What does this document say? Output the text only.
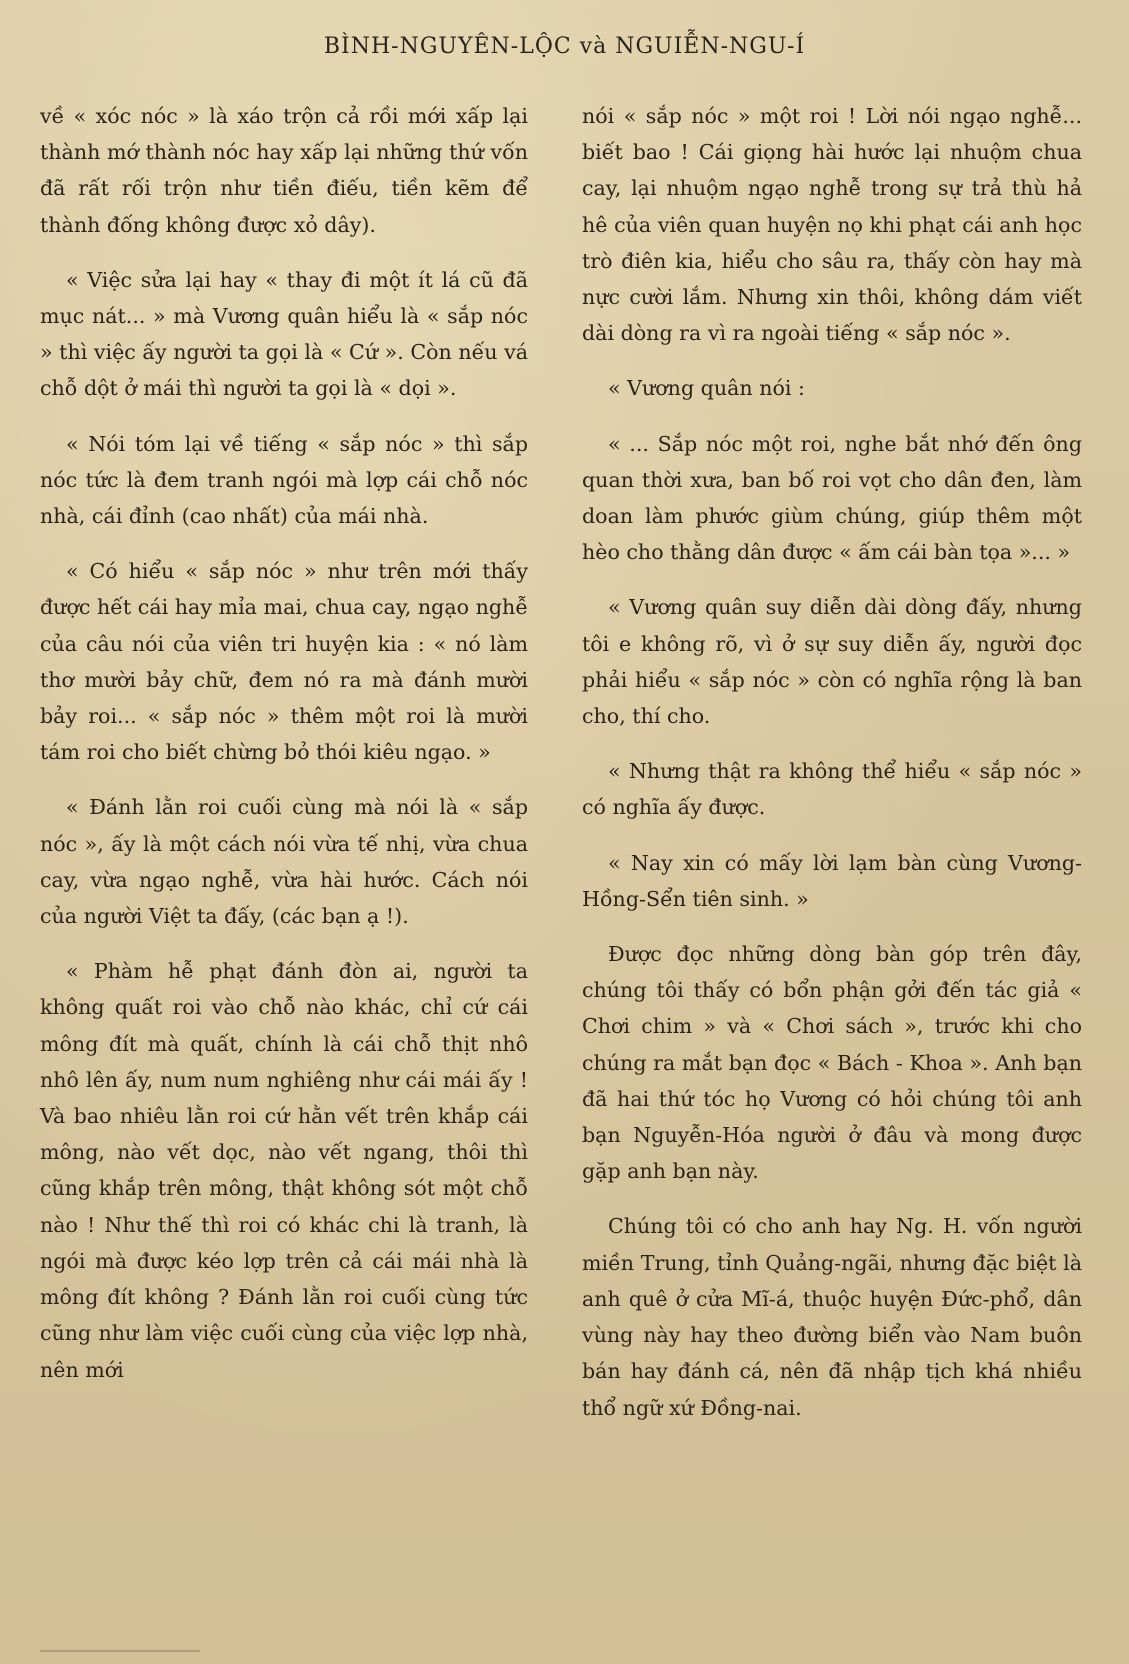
BÌNH-NGUYÊN-LỘC và NGUIỄN-NGU-Í

về « xóc nóc » là xáo trộn cả rồi mới xấp lại thành mớ thành nóc hay xấp lại những thứ vốn đã rất rối trộn như tiền điếu, tiền kẽm để thành đống không được xỏ dây).

« Việc sửa lại hay « thay đi một ít lá cũ đã mục nát... » mà Vương quân hiểu là « sắp nóc » thì việc ấy người ta gọi là « Cứ ». Còn nếu vá chỗ dột ở mái thì người ta gọi là « dọi ».

« Nói tóm lại về tiếng « sắp nóc » thì sắp nóc tức là đem tranh ngói mà lợp cái chỗ nóc nhà, cái đỉnh (cao nhất) của mái nhà.

« Có hiểu « sắp nóc » như trên mới thấy được hết cái hay mỉa mai, chua cay, ngạo nghễ của câu nói của viên tri huyện kia : « nó làm thơ mười bảy chữ, đem nó ra mà đánh mười bảy roi... « sắp nóc » thêm một roi là mười tám roi cho biết chừng bỏ thói kiêu ngạo. »

« Đánh lằn roi cuối cùng mà nói là « sắp nóc », ấy là một cách nói vừa tế nhị, vừa chua cay, vừa ngạo nghễ, vừa hài hước. Cách nói của người Việt ta đấy, (các bạn ạ !).

« Phàm hễ phạt đánh đòn ai, người ta không quất roi vào chỗ nào khác, chỉ cứ cái mông đít mà quất, chính là cái chỗ thịt nhô nhô lên ấy, num num nghiêng như cái mái ấy ! Và bao nhiêu lằn roi cứ hằn vết trên khắp cái mông, nào vết dọc, nào vết ngang, thôi thì cũng khắp trên mông, thật không sót một chỗ nào ! Như thế thì roi có khác chi là tranh, là ngói mà được kéo lợp trên cả cái mái nhà là mông đít không ? Đánh lằn roi cuối cùng tức cũng như làm việc cuối cùng của việc lợp nhà, nên mới

nói « sắp nóc » một roi ! Lời nói ngạo nghễ... biết bao ! Cái giọng hài hước lại nhuộm chua cay, lại nhuộm ngạo nghễ trong sự trả thù hả hê của viên quan huyện nọ khi phạt cái anh học trò điên kia, hiểu cho sâu ra, thấy còn hay mà nực cười lắm. Nhưng xin thôi, không dám viết dài dòng ra vì ra ngoài tiếng « sắp nóc ».

« Vương quân nói :

« ... Sắp nóc một roi, nghe bắt nhớ đến ông quan thời xưa, ban bố roi vọt cho dân đen, làm doan làm phước giùm chúng, giúp thêm một hèo cho thằng dân được « ấm cái bàn tọa »... »

« Vương quân suy diễn dài dòng đấy, nhưng tôi e không rõ, vì ở sự suy diễn ấy, người đọc phải hiểu « sắp nóc » còn có nghĩa rộng là ban cho, thí cho.

« Nhưng thật ra không thể hiểu « sắp nóc » có nghĩa ấy được.

« Nay xin có mấy lời lạm bàn cùng Vương-Hồng-Sển tiên sinh. »

Được đọc những dòng bàn góp trên đây, chúng tôi thấy có bổn phận gởi đến tác giả « Chơi chim » và « Chơi sách », trước khi cho chúng ra mắt bạn đọc « Bách - Khoa ». Anh bạn đã hai thứ tóc họ Vương có hỏi chúng tôi anh bạn Nguyễn-Hóa người ở đâu và mong được gặp anh bạn này.

Chúng tôi có cho anh hay Ng. H. vốn người miền Trung, tỉnh Quảng-ngãi, nhưng đặc biệt là anh quê ở cửa Mĩ-á, thuộc huyện Đức-phổ, dân vùng này hay theo đường biển vào Nam buôn bán hay đánh cá, nên đã nhập tịch khá nhiều thổ ngữ xứ Đồng-nai.
